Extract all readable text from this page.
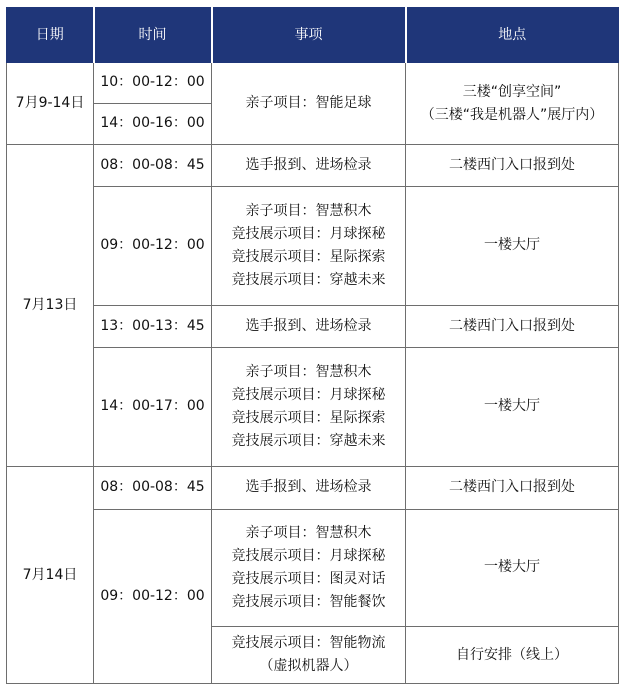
日期	时间	事项	地点
7月9-14日	10：00-12：00	亲子项目：智能足球	三楼“创享空间”
（三楼“我是机器人”展厅内）

	14：00-16：00		
7月13日	08：00-08：45	选手报到、进场检录	二楼西门入口报到处
	09：00-12：00	亲子项目：智慧积木
竞技展示项目：月球探秘
竞技展示项目：星际探索
竞技展示项目：穿越未来	一楼大厅
	13：00-13：45	选手报到、进场检录	二楼西门入口报到处
	14：00-17：00	亲子项目：智慧积木
竞技展示项目：月球探秘
竞技展示项目：星际探索
竞技展示项目：穿越未来	一楼大厅
7月14日	08：00-08：45	选手报到、进场检录	二楼西门入口报到处
	09：00-12：00	亲子项目：智慧积木
竞技展示项目：月球探秘
竞技展示项目：图灵对话
竞技展示项目：智能餐饮	一楼大厅

		竞技展示项目：智能物流
（虚拟机器人）	自行安排（线上）
